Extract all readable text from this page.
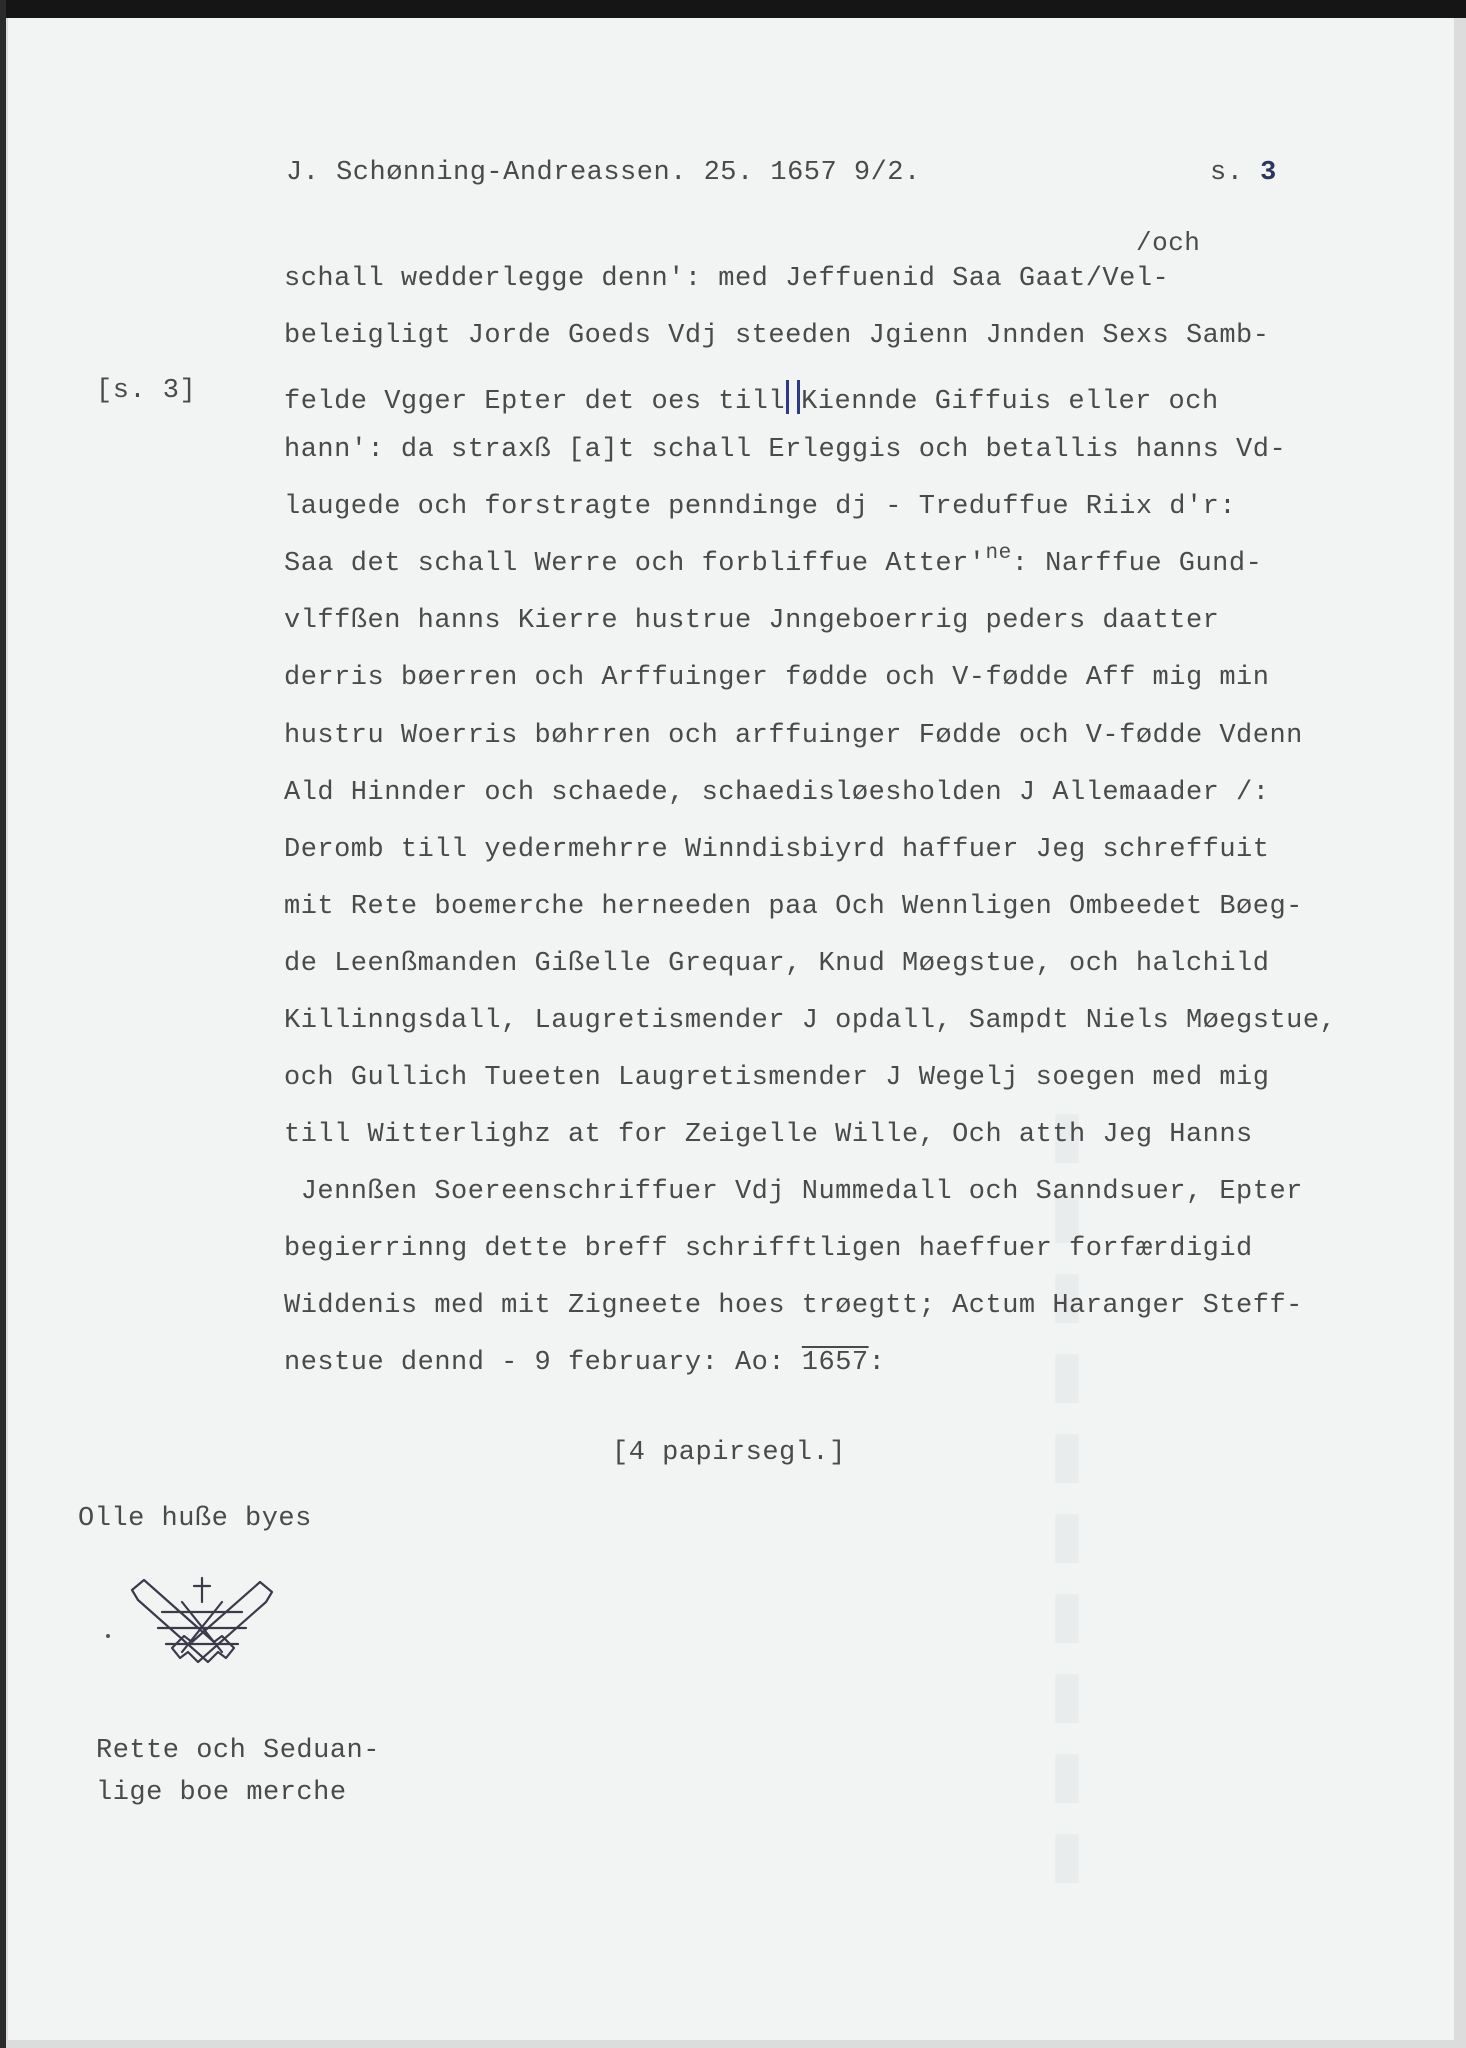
▮▮▮▮▮▮▮▮▮▮
J. Schønning-Andreassen. 25. 1657 9/2.	s. 3
/och
[s. 3]
schall wedderlegge denn': med Jeffuenid Saa Gaat/Vel-
beleigligt Jorde Goeds Vdj steeden Jgienn Jnnden Sexs Samb-
felde Vgger Epter det oes till Kiennde Giffuis eller och
hann': da straxß [a]t schall Erleggis och betallis hanns Vd-
laugede och forstragte penndinge dj - Treduffue Riix d'r:
Saa det schall Werre och forbliffue $Atter'^{ne}$: Narffue Gund-
vlffßen hanns Kierre hustrue Jnngeboerrig peders daatter
derris bøerren och Arffuinger fødde och V-fødde Aff mig min
hustru Woerris bøhrren och arffuinger Fødde och V-fødde Vdenn
Ald Hinnder och schaede, schaedisløesholden J Allemaader /:
Deromb till yedermehrre Winndisbiyrd haffuer Jeg schreffuit
mit Rete boemerche herneeden paa Och Wennligen Ombeedet Bøeg-
de Leenßmanden Gißelle Grequar, Knud Møegstue, och halchild
Killinngsdall, Laugretismender J opdall, Sampdt Niels Møegstue,
och Gullich Tueeten Laugretismender J Wegelj soegen med mig
till Witterlighz at for Zeigelle Wille, Och atth Jeg Hanns
Jennßen Soereenschriffuer Vdj Nummedall och Sanndsuer, Epter
begierrinng dette breff schrifftligen haeffuer forfærdigid
Widdenis med mit Zigneete hoes trøegtt; Actum Haranger Steff-
nestue dennd - 9 february: Ao: 1657:
[4 papirsegl.]
Olle huße byes
Rette och Seduan-
lige boe merche
